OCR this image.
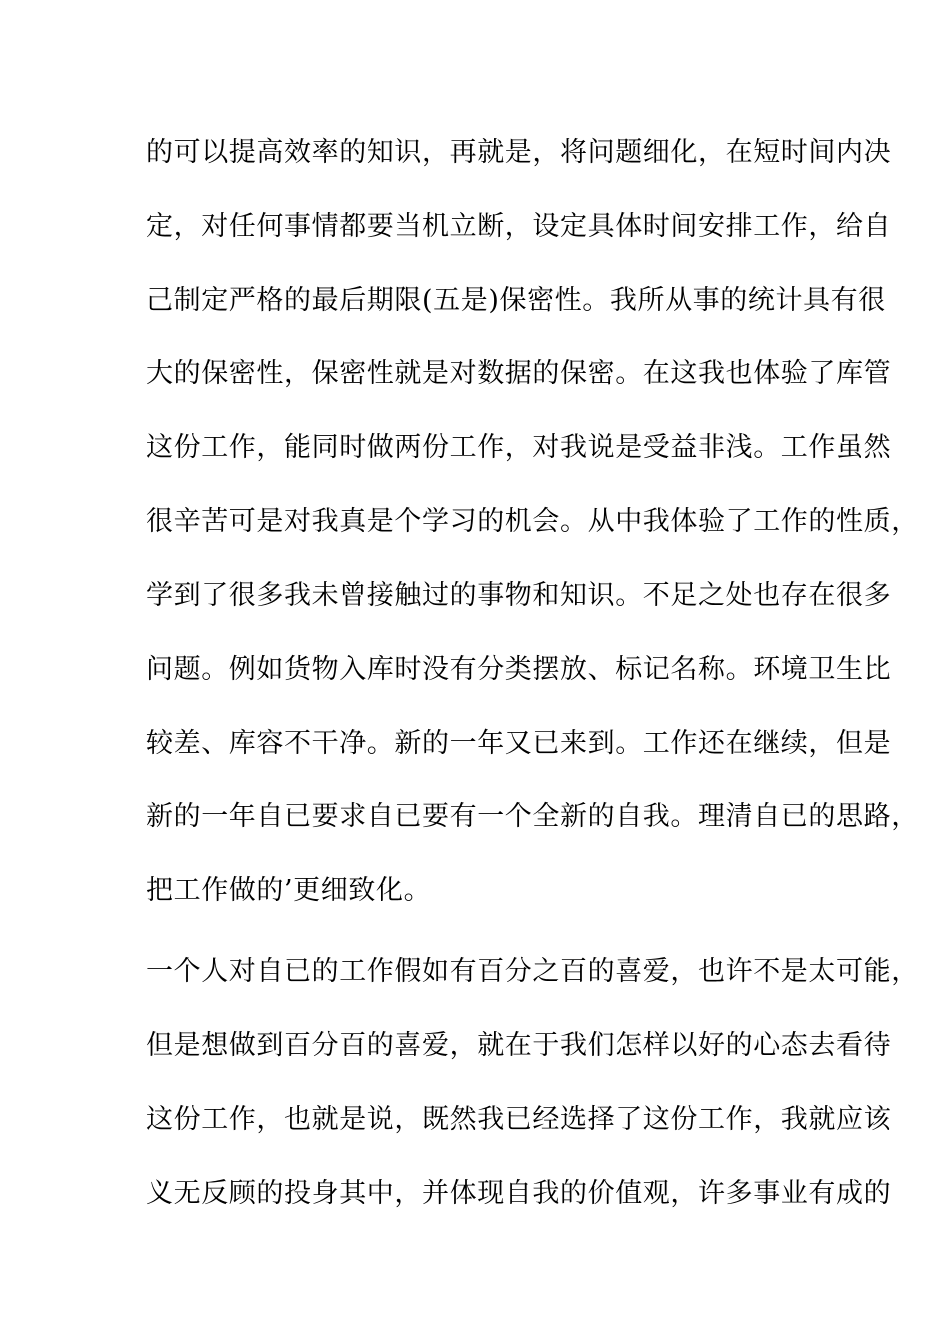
的可以提高效率的知识，再就是，将问题细化，在短时间内决
定，对任何事情都要当机立断，设定具体时间安排工作，给自
己制定严格的最后期限(五是)保密性。我所从事的统计具有很
大的保密性，保密性就是对数据的保密。在这我也体验了库管
这份工作，能同时做两份工作，对我说是受益非浅。工作虽然
很辛苦可是对我真是个学习的机会。从中我体验了工作的性质，
学到了很多我未曾接触过的事物和知识。不足之处也存在很多
问题。例如货物入库时没有分类摆放、标记名称。环境卫生比
较差、库容不干净。新的一年又已来到。工作还在继续，但是
新的一年自已要求自已要有一个全新的自我。理清自已的思路，
把工作做的’更细致化。
一个人对自已的工作假如有百分之百的喜爱，也许不是太可能，
但是想做到百分百的喜爱，就在于我们怎样以好的心态去看待
这份工作，也就是说，既然我已经选择了这份工作，我就应该
义无反顾的投身其中，并体现自我的价值观，许多事业有成的
